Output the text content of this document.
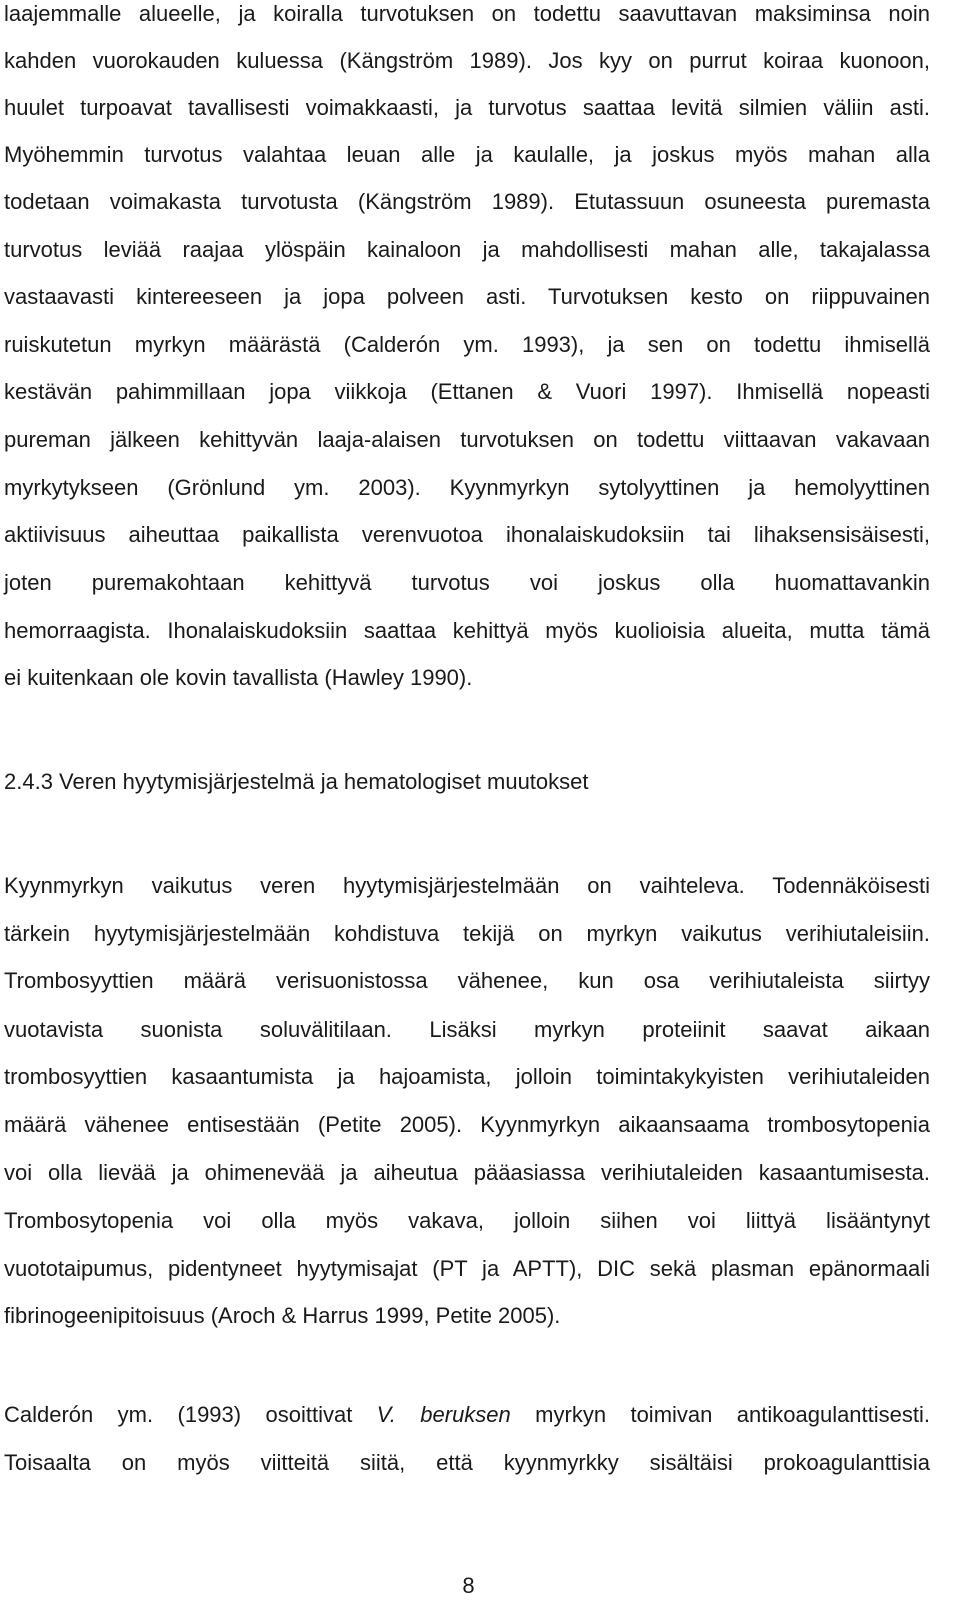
laajemmalle alueelle, ja koiralla turvotuksen on todettu saavuttavan maksiminsa noin
kahden vuorokauden kuluessa (Kängström 1989). Jos kyy on purrut koiraa kuonoon,
huulet turpoavat tavallisesti voimakkaasti, ja turvotus saattaa levitä silmien väliin asti.
Myöhemmin turvotus valahtaa leuan alle ja kaulalle, ja joskus myös mahan alla
todetaan voimakasta turvotusta (Kängström 1989). Etutassuun osuneesta puremasta
turvotus leviää raajaa ylöspäin kainaloon ja mahdollisesti mahan alle, takajalassa
vastaavasti kintereeseen ja jopa polveen asti. Turvotuksen kesto on riippuvainen
ruiskutetun myrkyn määrästä (Calderón ym. 1993), ja sen on todettu ihmisellä
kestävän pahimmillaan jopa viikkoja (Ettanen & Vuori 1997). Ihmisellä nopeasti
pureman jälkeen kehittyvän laaja-alaisen turvotuksen on todettu viittaavan vakavaan
myrkytykseen (Grönlund ym. 2003). Kyynmyrkyn sytolyyttinen ja hemolyyttinen
aktiivisuus aiheuttaa paikallista verenvuotoa ihonalaiskudoksiin tai lihaksensisäisesti,
joten puremakohtaan kehittyvä turvotus voi joskus olla huomattavankin
hemorraagista. Ihonalaiskudoksiin saattaa kehittyä myös kuolioisia alueita, mutta tämä
ei kuitenkaan ole kovin tavallista (Hawley 1990).
2.4.3 Veren hyytymisjärjestelmä ja hematologiset muutokset
Kyynmyrkyn vaikutus veren hyytymisjärjestelmään on vaihteleva. Todennäköisesti
tärkein hyytymisjärjestelmään kohdistuva tekijä on myrkyn vaikutus verihiutaleisiin.
Trombosyyttien määrä verisuonistossa vähenee, kun osa verihiutaleista siirtyy
vuotavista suonista soluvälitilaan. Lisäksi myrkyn proteiinit saavat aikaan
trombosyyttien kasaantumista ja hajoamista, jolloin toimintakykyisten verihiutaleiden
määrä vähenee entisestään (Petite 2005). Kyynmyrkyn aikaansaama trombosytopenia
voi olla lievää ja ohimenevää ja aiheutua pääasiassa verihiutaleiden kasaantumisesta.
Trombosytopenia voi olla myös vakava, jolloin siihen voi liittyä lisääntynyt
vuototaipumus, pidentyneet hyytymisajat (PT ja APTT), DIC sekä plasman epänormaali
fibrinogeenipitoisuus (Aroch & Harrus 1999, Petite 2005).
Calderón ym. (1993) osoittivat V. beruksen myrkyn toimivan antikoagulanttisesti.
Toisaalta on myös viitteitä siitä, että kyynmyrkky sisältäisi prokoagulanttisia
8
